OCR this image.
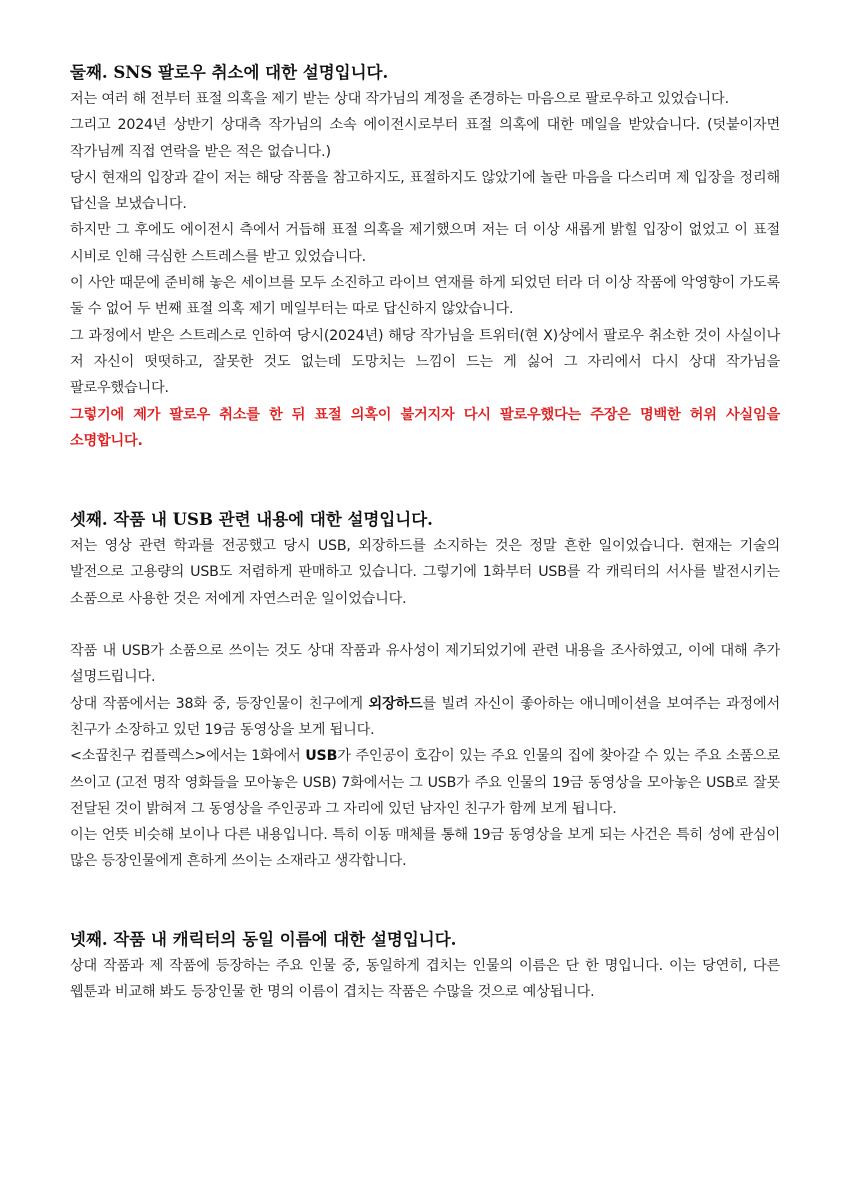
둘째. SNS 팔로우 취소에 대한 설명입니다.

저는 여러 해 전부터 표절 의혹을 제기 받는 상대 작가님의 계정을 존경하는 마음으로 팔로우하고 있었습니다.

그리고 2024년 상반기 상대측 작가님의 소속 에이전시로부터 표절 의혹에 대한 메일을 받았습니다. (덧붙이자면 작가님께 직접 연락을 받은 적은 없습니다.)

당시 현재의 입장과 같이 저는 해당 작품을 참고하지도, 표절하지도 않았기에 놀란 마음을 다스리며 제 입장을 정리해 답신을 보냈습니다.

하지만 그 후에도 에이전시 측에서 거듭해 표절 의혹을 제기했으며 저는 더 이상 새롭게 밝힐 입장이 없었고 이 표절 시비로 인해 극심한 스트레스를 받고 있었습니다.

이 사안 때문에 준비해 놓은 세이브를 모두 소진하고 라이브 연재를 하게 되었던 터라 더 이상 작품에 악영향이 가도록 둘 수 없어 두 번째 표절 의혹 제기 메일부터는 따로 답신하지 않았습니다.

그 과정에서 받은 스트레스로 인하여 당시(2024년) 해당 작가님을 트위터(현 X)상에서 팔로우 취소한 것이 사실이나 저 자신이 떳떳하고, 잘못한 것도 없는데 도망치는 느낌이 드는 게 싫어 그 자리에서 다시 상대 작가님을 팔로우했습니다.

그렇기에 제가 팔로우 취소를 한 뒤 표절 의혹이 불거지자 다시 팔로우했다는 주장은 명백한 허위 사실임을 소명합니다.

셋째. 작품 내 USB 관련 내용에 대한 설명입니다.

저는 영상 관련 학과를 전공했고 당시 USB, 외장하드를 소지하는 것은 정말 흔한 일이었습니다. 현재는 기술의 발전으로 고용량의 USB도 저렴하게 판매하고 있습니다. 그렇기에 1화부터 USB를 각 캐릭터의 서사를 발전시키는 소품으로 사용한 것은 저에게 자연스러운 일이었습니다.

작품 내 USB가 소품으로 쓰이는 것도 상대 작품과 유사성이 제기되었기에 관련 내용을 조사하였고, 이에 대해 추가 설명드립니다.

상대 작품에서는 38화 중, 등장인물이 친구에게 외장하드를 빌려 자신이 좋아하는 애니메이션을 보여주는 과정에서 친구가 소장하고 있던 19금 동영상을 보게 됩니다.

<소꿉친구 컴플렉스>에서는 1화에서 USB가 주인공이 호감이 있는 주요 인물의 집에 찾아갈 수 있는 주요 소품으로 쓰이고 (고전 명작 영화들을 모아놓은 USB) 7화에서는 그 USB가 주요 인물의 19금 동영상을 모아놓은 USB로 잘못 전달된 것이 밝혀져 그 동영상을 주인공과 그 자리에 있던 남자인 친구가 함께 보게 됩니다.

이는 언뜻 비슷해 보이나 다른 내용입니다. 특히 이동 매체를 통해 19금 동영상을 보게 되는 사건은 특히 성에 관심이 많은 등장인물에게 흔하게 쓰이는 소재라고 생각합니다.

넷째. 작품 내 캐릭터의 동일 이름에 대한 설명입니다.

상대 작품과 제 작품에 등장하는 주요 인물 중, 동일하게 겹치는 인물의 이름은 단 한 명입니다. 이는 당연히, 다른 웹툰과 비교해 봐도 등장인물 한 명의 이름이 겹치는 작품은 수많을 것으로 예상됩니다.
